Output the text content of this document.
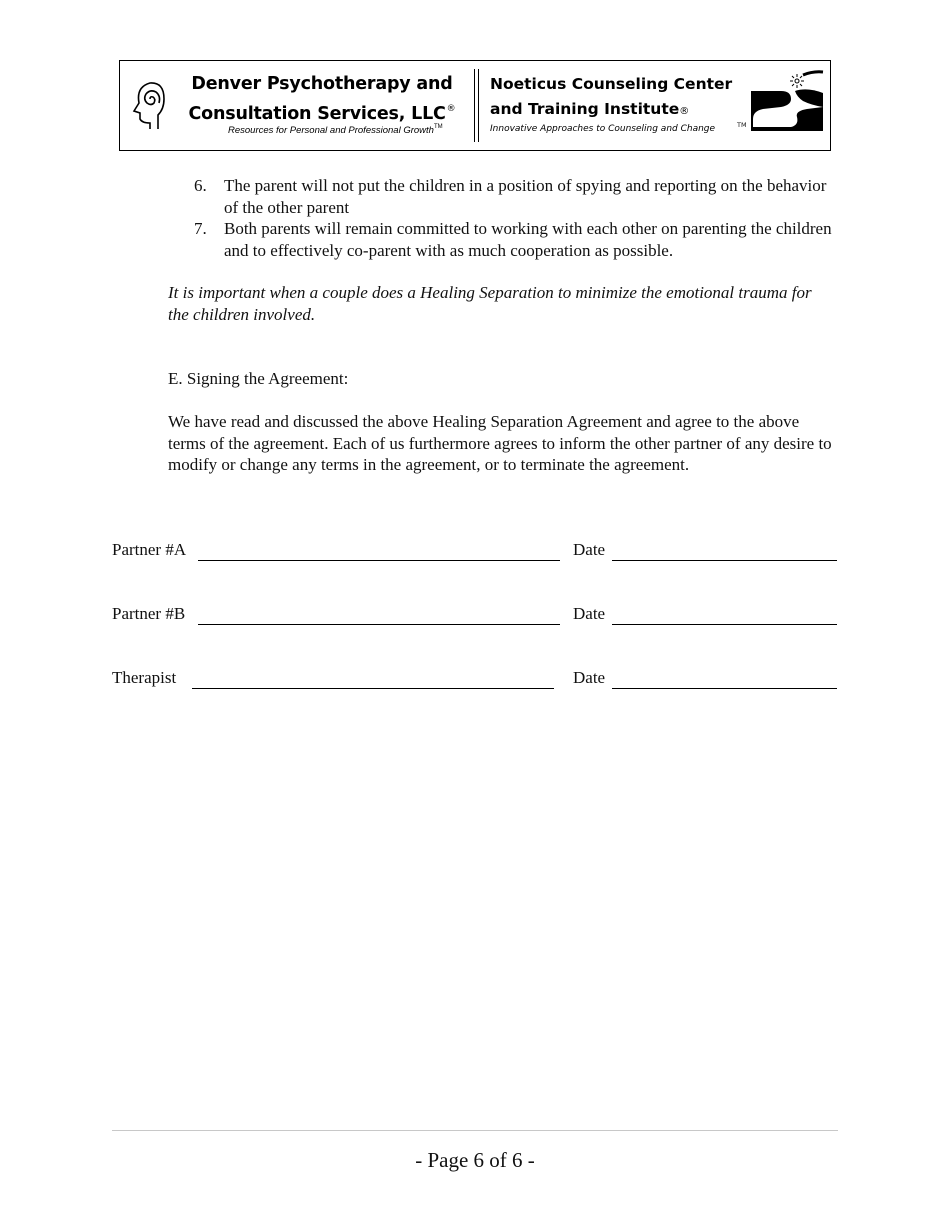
Denver Psychotherapy and
Consultation Services, LLC®
Resources for Personal and Professional Growth™
Noeticus Counseling Center
and Training Institute®
Innovative Approaches to Counseling and Change	TM
6. The parent will not put the children in a position of spying and reporting on the behavior of the other parent
7. Both parents will remain committed to working with each other on parenting the children and to effectively co-parent with as much cooperation as possible.

It is important when a couple does a Healing Separation to minimize the emotional trauma for the children involved.

E. Signing the Agreement:

We have read and discussed the above Healing Separation Agreement and agree to the above terms of the agreement. Each of us furthermore agrees to inform the other partner of any desire to modify or change any terms in the agreement, or to terminate the agreement.

Partner #A	Date
Partner #B	Date
Therapist	Date
- Page 6 of 6 -
